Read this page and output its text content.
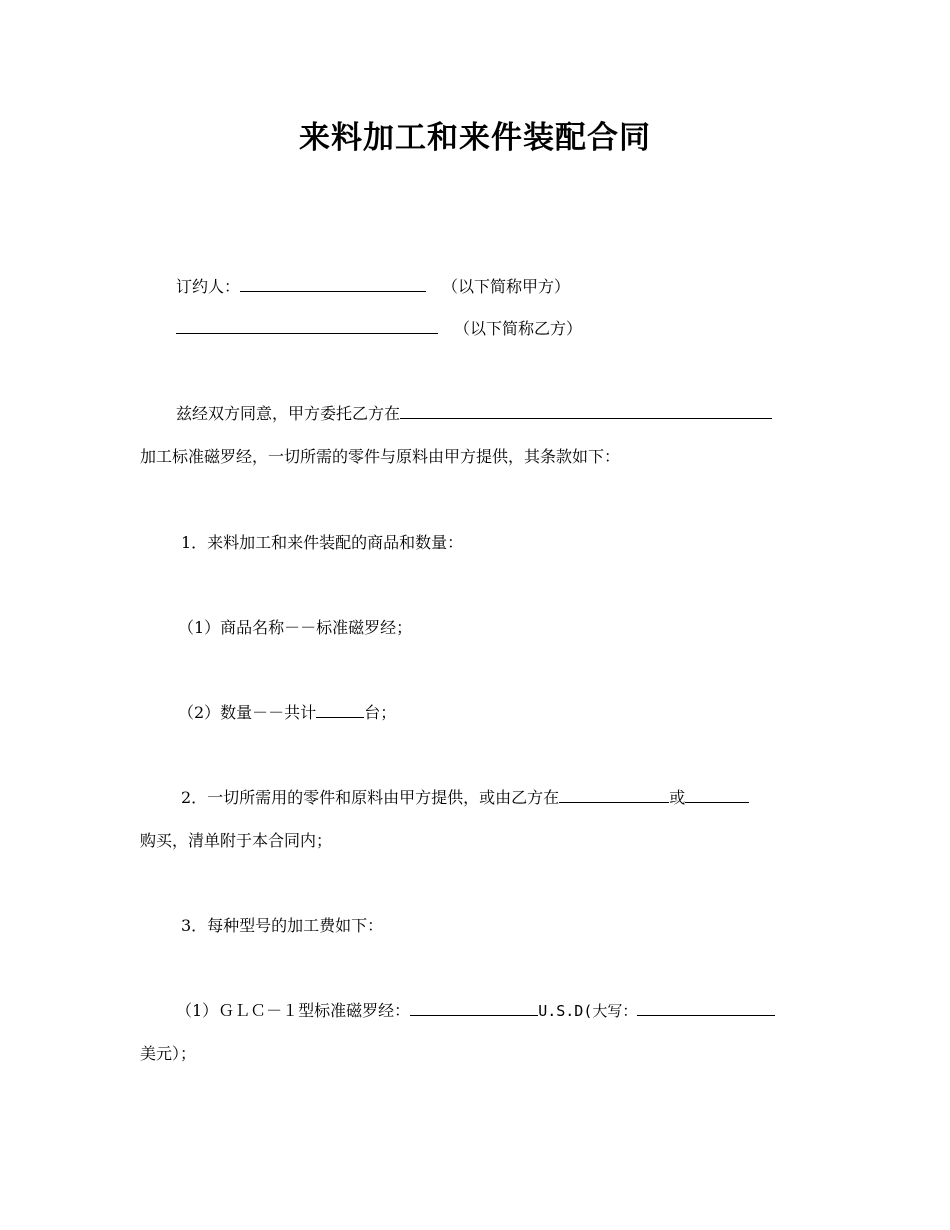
来料加工和来件装配合同
订约人：	（以下简称甲方）
（以下简称乙方）
兹经双方同意，甲方委托乙方在
加工标准磁罗经，一切所需的零件与原料由甲方提供，其条款如下：
1．来料加工和来件装配的商品和数量：
（1）商品名称－－标准磁罗经；
（2）数量－－共计	台；
2．一切所需用的零件和原料由甲方提供，或由乙方在	或
购买，清单附于本合同内；
3．每种型号的加工费如下：
（1）ＧＬＣ－１型标准磁罗经：	U.S.D(大写：
美元）；
